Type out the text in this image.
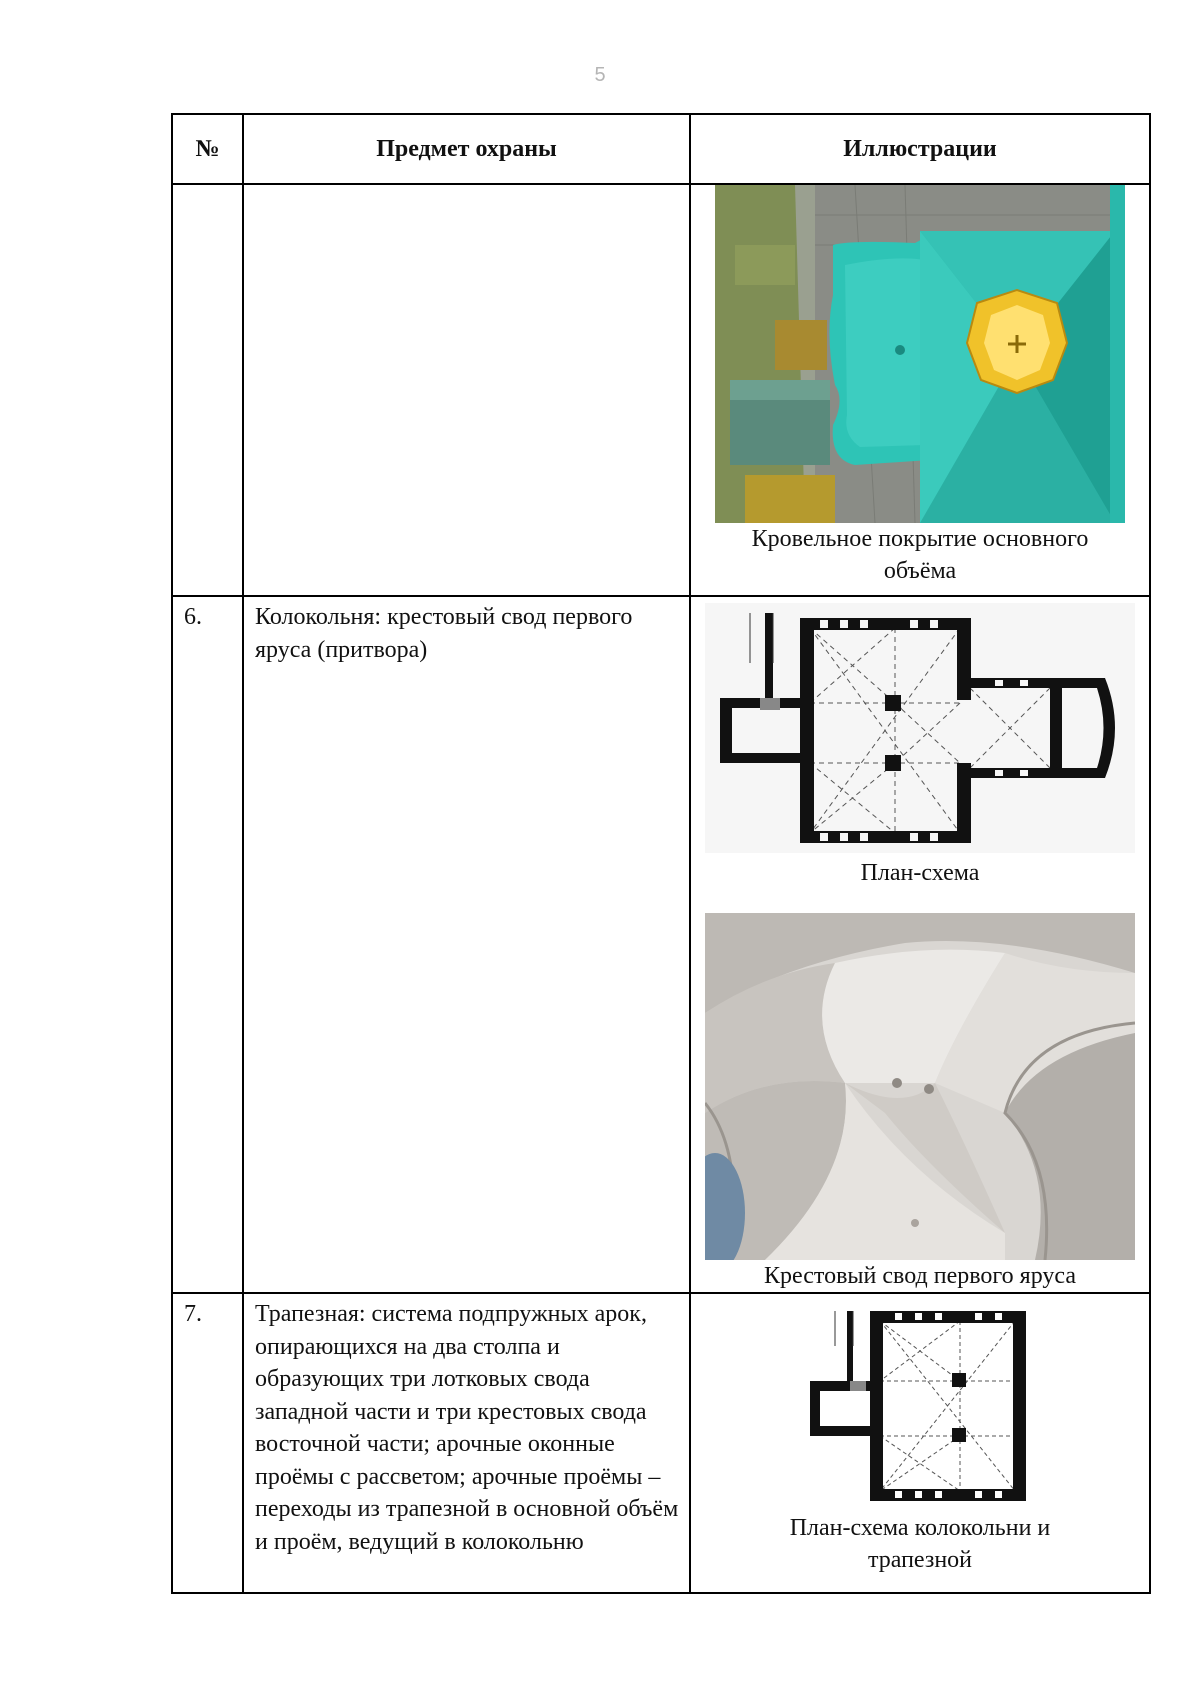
5
№	Предмет охраны	Иллюстрации

		Кровельное покрытие основного объёма

6.	Колокольня: крестовый свод первого яруса (притвора)	План-схема
Крестовый свод первого яруса

7.	Трапезная: система подпружных арок, опирающихся на два столпа и образующих три лотковых свода западной части и три крестовых свода восточной части; арочные оконные проёмы с рассветом; арочные проёмы – переходы из трапезной в основной объём и проём, ведущий в колокольню	План-схема колокольни и трапезной
